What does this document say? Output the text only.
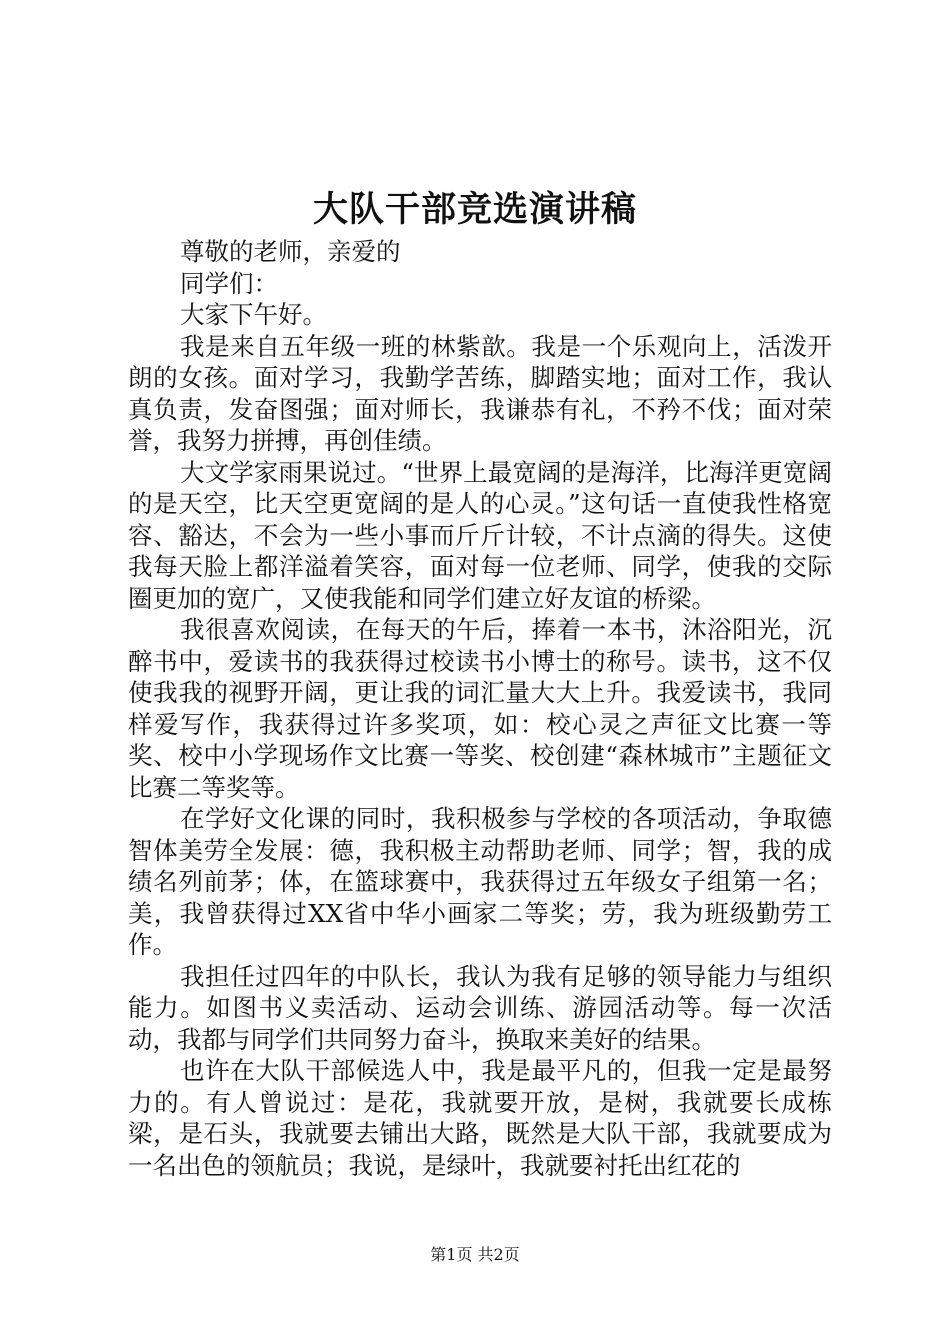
大队干部竞选演讲稿

尊敬的老师，亲爱的

同学们：

大家下午好。

我是来自五年级一班的林紫歆。我是一个乐观向上，活泼开朗的女孩。面对学习，我勤学苦练，脚踏实地；面对工作，我认真负责，发奋图强；面对师长，我谦恭有礼，不矜不伐；面对荣誉，我努力拼搏，再创佳绩。

大文学家雨果说过。“世界上最宽阔的是海洋，比海洋更宽阔的是天空，比天空更宽阔的是人的心灵。”这句话一直使我性格宽容、豁达，不会为一些小事而斤斤计较，不计点滴的得失。这使我每天脸上都洋溢着笑容，面对每一位老师、同学，使我的交际圈更加的宽广，又使我能和同学们建立好友谊的桥梁。

我很喜欢阅读，在每天的午后，捧着一本书，沐浴阳光，沉醉书中，爱读书的我获得过校读书小博士的称号。读书，这不仅使我我的视野开阔，更让我的词汇量大大上升。我爱读书，我同样爱写作，我获得过许多奖项，如：校心灵之声征文比赛一等奖、校中小学现场作文比赛一等奖、校创建“森林城市”主题征文比赛二等奖等。

在学好文化课的同时，我积极参与学校的各项活动，争取德智体美劳全发展：德，我积极主动帮助老师、同学；智，我的成绩名列前茅；体，在篮球赛中，我获得过五年级女子组第一名；美，我曾获得过XX省中华小画家二等奖；劳，我为班级勤劳工作。

我担任过四年的中队长，我认为我有足够的领导能力与组织能力。如图书义卖活动、运动会训练、游园活动等。每一次活动，我都与同学们共同努力奋斗，换取来美好的结果。

也许在大队干部候选人中，我是最平凡的，但我一定是最努力的。有人曾说过：是花，我就要开放，是树，我就要长成栋梁，是石头，我就要去铺出大路，既然是大队干部，我就要成为一名出色的领航员；我说，是绿叶，我就要衬托出红花的

第1页 共2页
